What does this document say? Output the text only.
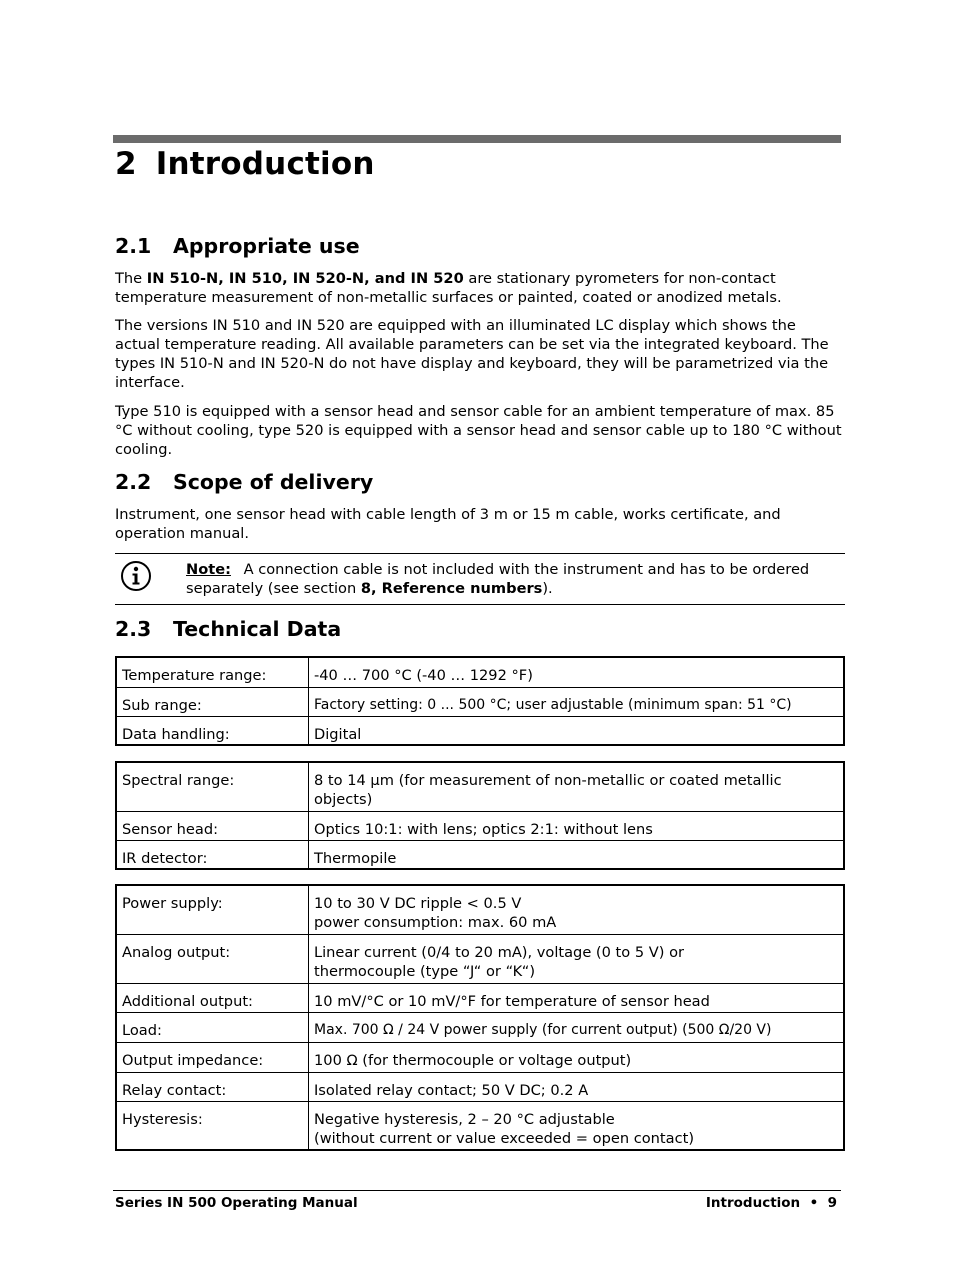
2 Introduction
2.1 Appropriate use

The IN 510-N, IN 510, IN 520-N, and IN 520 are stationary pyrometers for non-contact temperature measurement of non-metallic surfaces or painted, coated or anodized metals.

The versions IN 510 and IN 520 are equipped with an illuminated LC display which shows the actual temperature reading. All available parameters can be set via the integrated keyboard. The types IN 510-N and IN 520-N do not have display and keyboard, they will be parametrized via the interface.

Type 510 is equipped with a sensor head and sensor cable for an ambient temperature of max. 85 °C without cooling, type 520 is equipped with a sensor head and sensor cable up to 180 °C without cooling.

2.2 Scope of delivery

Instrument, one sensor head with cable length of 3 m or 15 m cable, works certificate, and operation manual.

Note: A connection cable is not included with the instrument and has to be ordered separately (see section 8, Reference numbers).
2.3 Technical Data
Temperature range:	-40 … 700 °C (-40 … 1292 °F)
Sub range:	Factory setting: 0 ... 500 °C; user adjustable (minimum span: 51 °C)
Data handling:	Digital
Spectral range:	8 to 14 µm (for measurement of non-metallic or coated metallic objects)
Sensor head:	Optics 10:1: with lens; optics 2:1: without lens
IR detector:	Thermopile
Power supply:	10 to 30 V DC ripple < 0.5 V
power consumption: max. 60 mA

Analog output:	Linear current (0/4 to 20 mA), voltage (0 to 5 V) or
thermocouple (type “J“ or “K“)

Additional output:	10 mV/°C or 10 mV/°F for temperature of sensor head

Load:	Max. 700 Ω / 24 V power supply (for current output) (500 Ω/20 V)

Output impedance:	100 Ω (for thermocouple or voltage output)

Relay contact:	Isolated relay contact; 50 V DC; 0.2 A

Hysteresis:	Negative hysteresis, 2 – 20 °C adjustable
(without current or value exceeded = open contact)
Series IN 500 Operating Manual	Introduction  •  9
